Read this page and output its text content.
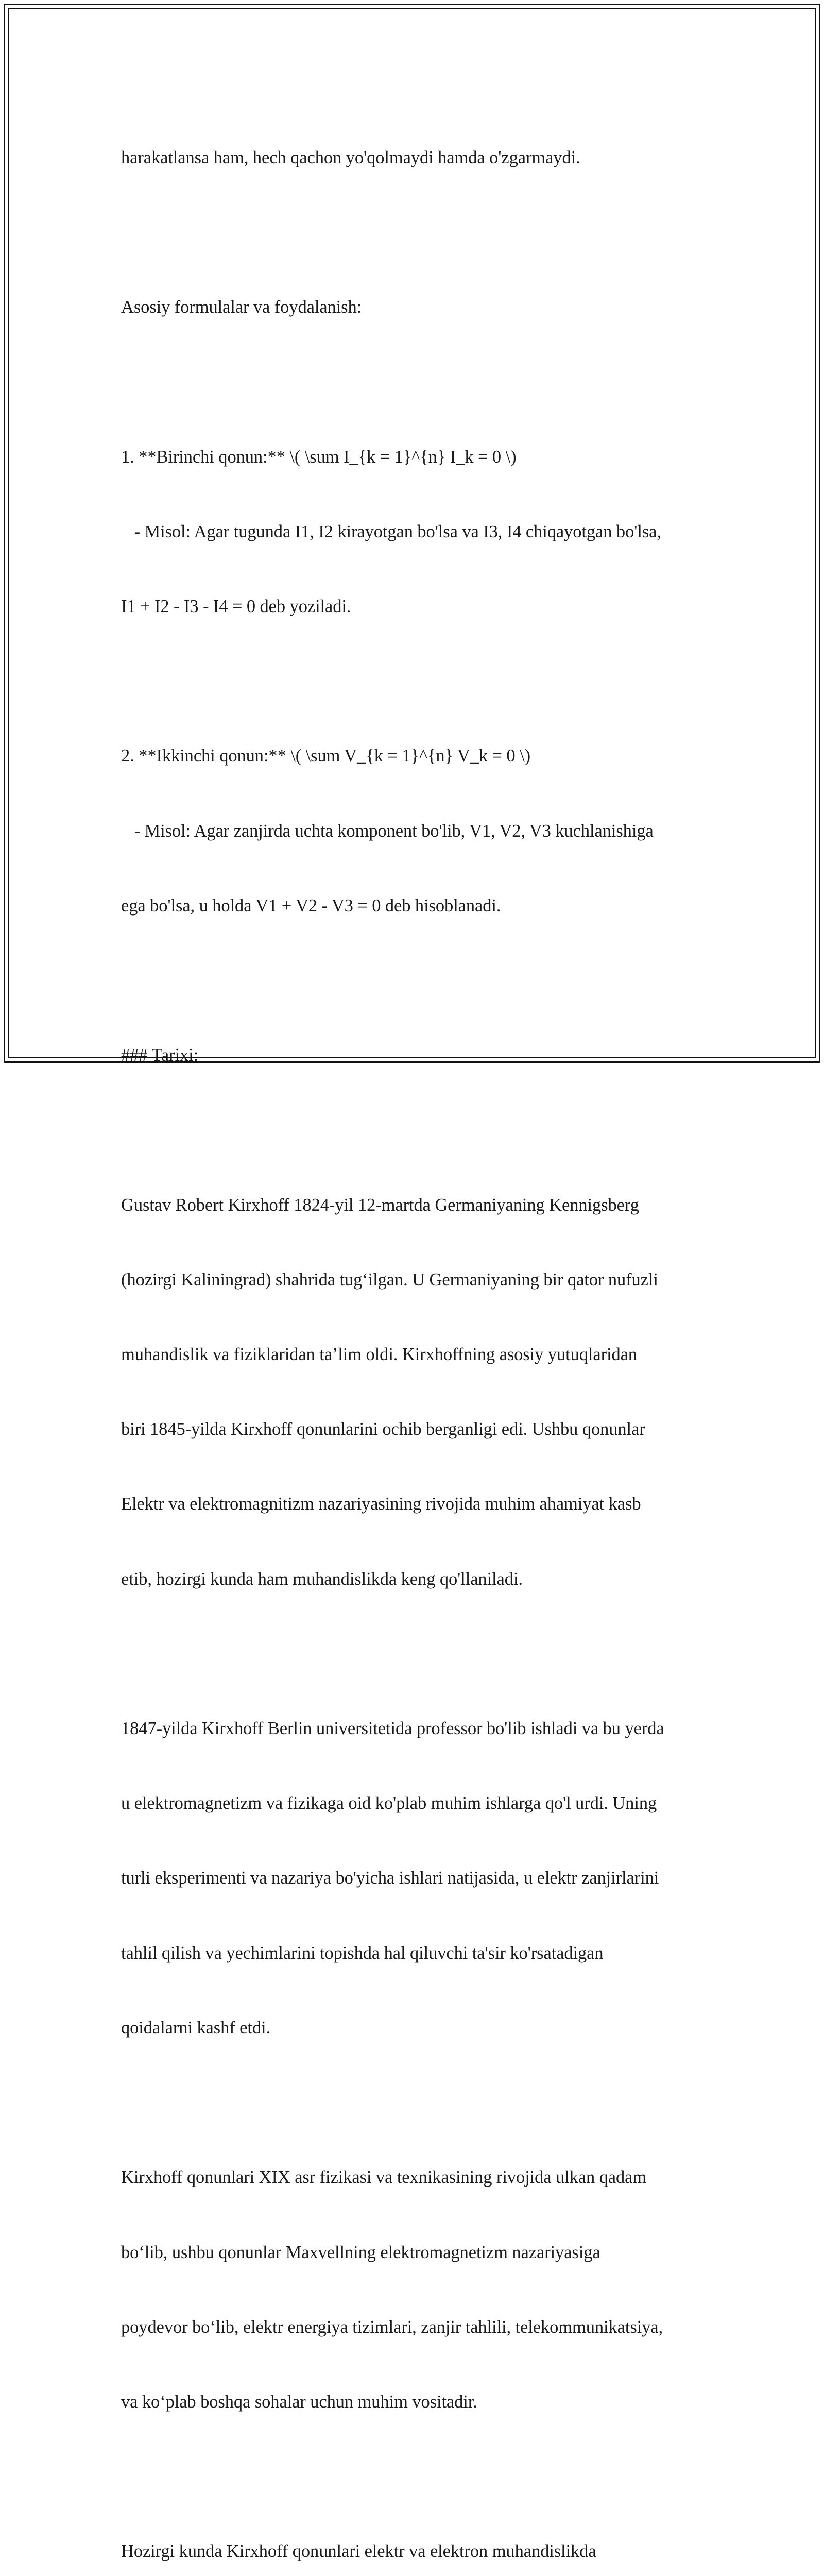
harakatlansa ham, hech qachon yo'qolmaydi hamda o'zgarmaydi.

Asosiy formulalar va foydalanish:

1. **Birinchi qonun:** \( \sum I_{k = 1}^{n} I_k = 0 \)

- Misol: Agar tugunda I1, I2 kirayotgan bo'lsa va I3, I4 chiqayotgan bo'lsa,

I1 + I2 - I3 - I4 = 0 deb yoziladi.

2. **Ikkinchi qonun:** \( \sum V_{k = 1}^{n} V_k = 0 \)

- Misol: Agar zanjirda uchta komponent bo'lib, V1, V2, V3 kuchlanishiga

ega bo'lsa, u holda V1 + V2 - V3 = 0 deb hisoblanadi.

### Tarixi:

Gustav Robert Kirxhoff 1824-yil 12-martda Germaniyaning Kennigsberg

(hozirgi Kaliningrad) shahrida tug‘ilgan. U Germaniyaning bir qator nufuzli

muhandislik va fiziklaridan ta’lim oldi. Kirxhoffning asosiy yutuqlaridan

biri 1845-yilda Kirxhoff qonunlarini ochib berganligi edi. Ushbu qonunlar

Elektr va elektromagnitizm nazariyasining rivojida muhim ahamiyat kasb

etib, hozirgi kunda ham muhandislikda keng qo'llaniladi.

1847-yilda Kirxhoff Berlin universitetida professor bo'lib ishladi va bu yerda

u elektromagnetizm va fizikaga oid ko'plab muhim ishlarga qo'l urdi. Uning

turli eksperimenti va nazariya bo'yicha ishlari natijasida, u elektr zanjirlarini

tahlil qilish va yechimlarini topishda hal qiluvchi ta'sir ko'rsatadigan

qoidalarni kashf etdi.

Kirxhoff qonunlari XIX asr fizikasi va texnikasining rivojida ulkan qadam

bo‘lib, ushbu qonunlar Maxvellning elektromagnetizm nazariyasiga

poydevor bo‘lib, elektr energiya tizimlari, zanjir tahlili, telekommunikatsiya,

va ko‘plab boshqa sohalar uchun muhim vositadir.

Hozirgi kunda Kirxhoff qonunlari elektr va elektron muhandislikda
